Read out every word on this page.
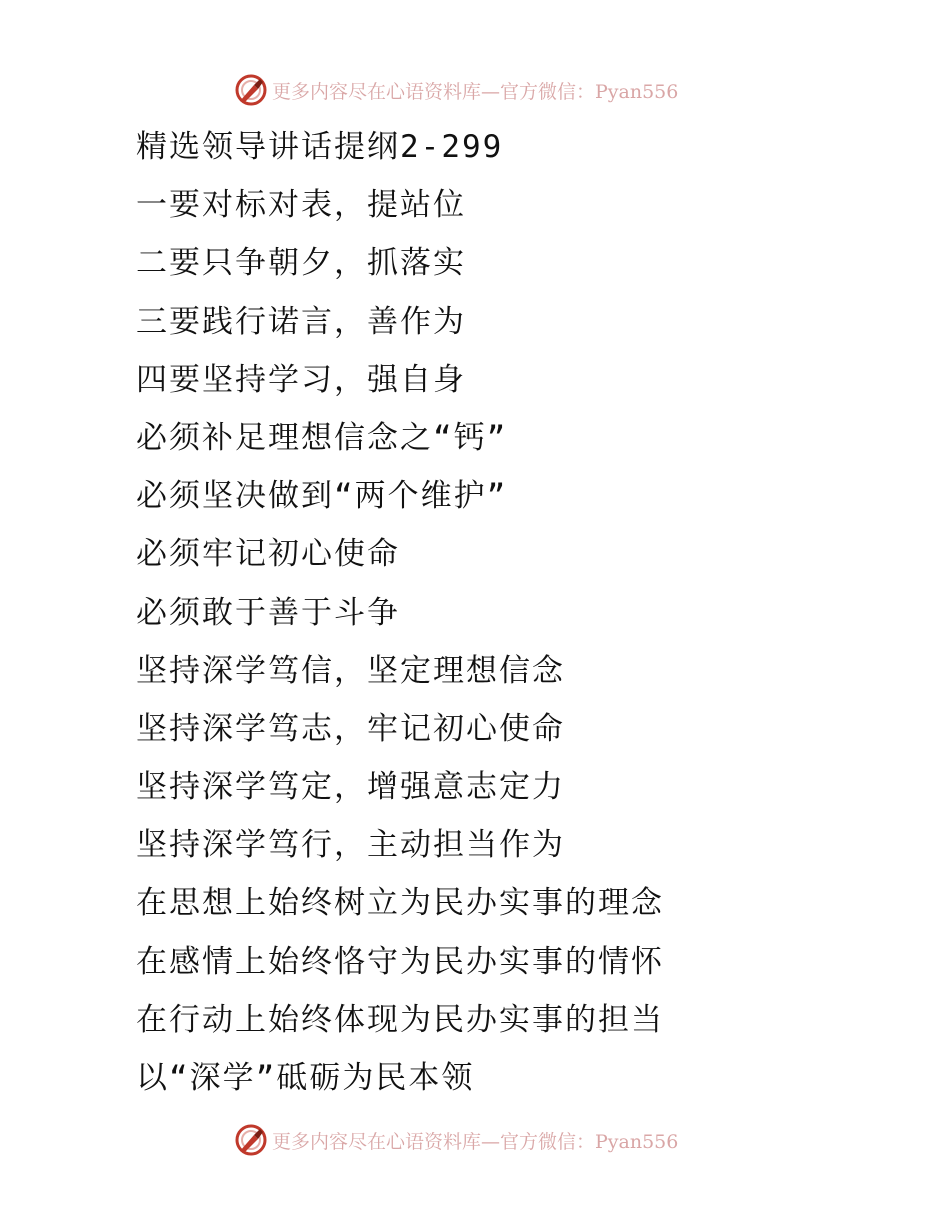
更多内容尽在心语资料库—官方微信：Pyan556
精选领导讲话提纲2-299
一要对标对表，提站位
二要只争朝夕，抓落实
三要践行诺言，善作为
四要坚持学习，强自身
必须补足理想信念之“钙”
必须坚决做到“两个维护”
必须牢记初心使命
必须敢于善于斗争
坚持深学笃信，坚定理想信念
坚持深学笃志，牢记初心使命
坚持深学笃定，增强意志定力
坚持深学笃行，主动担当作为
在思想上始终树立为民办实事的理念
在感情上始终恪守为民办实事的情怀
在行动上始终体现为民办实事的担当
以“深学”砥砺为民本领
更多内容尽在心语资料库—官方微信：Pyan556
